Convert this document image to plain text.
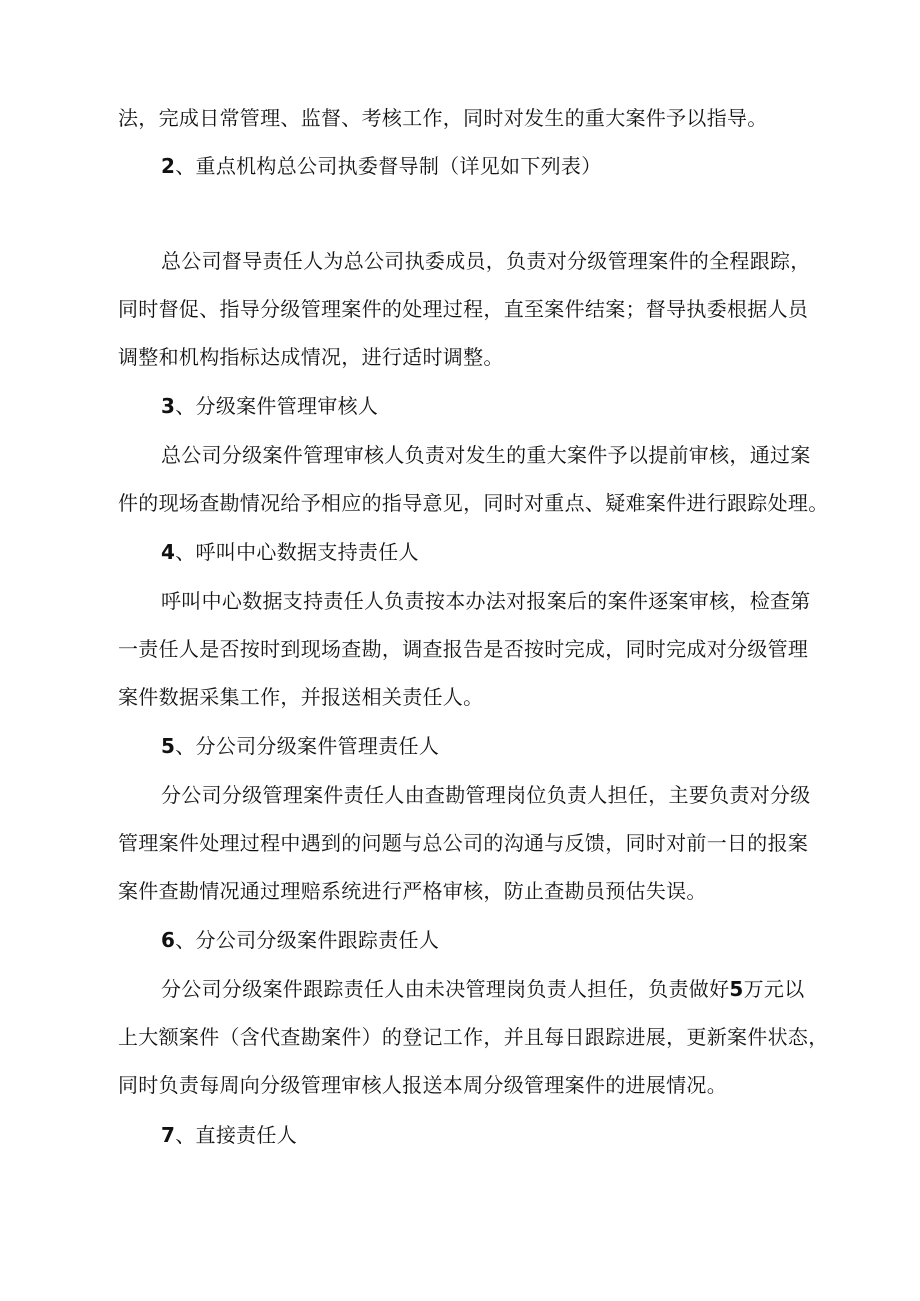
法，完成日常管理、监督、考核工作，同时对发生的重大案件予以指导。
2、重点机构总公司执委督导制（详见如下列表）
总公司督导责任人为总公司执委成员，负责对分级管理案件的全程跟踪，
同时督促、指导分级管理案件的处理过程，直至案件结案；督导执委根据人员
调整和机构指标达成情况，进行适时调整。
3、分级案件管理审核人
总公司分级案件管理审核人负责对发生的重大案件予以提前审核，通过案
件的现场查勘情况给予相应的指导意见，同时对重点、疑难案件进行跟踪处理。
4、呼叫中心数据支持责任人
呼叫中心数据支持责任人负责按本办法对报案后的案件逐案审核，检查第
一责任人是否按时到现场查勘，调查报告是否按时完成，同时完成对分级管理
案件数据采集工作，并报送相关责任人。
5、分公司分级案件管理责任人
分公司分级管理案件责任人由查勘管理岗位负责人担任，主要负责对分级
管理案件处理过程中遇到的问题与总公司的沟通与反馈，同时对前一日的报案
案件查勘情况通过理赔系统进行严格审核，防止查勘员预估失误。
6、分公司分级案件跟踪责任人
分公司分级案件跟踪责任人由未决管理岗负责人担任，负责做好5万元以
上大额案件（含代查勘案件）的登记工作，并且每日跟踪进展，更新案件状态，
同时负责每周向分级管理审核人报送本周分级管理案件的进展情况。
7、直接责任人
